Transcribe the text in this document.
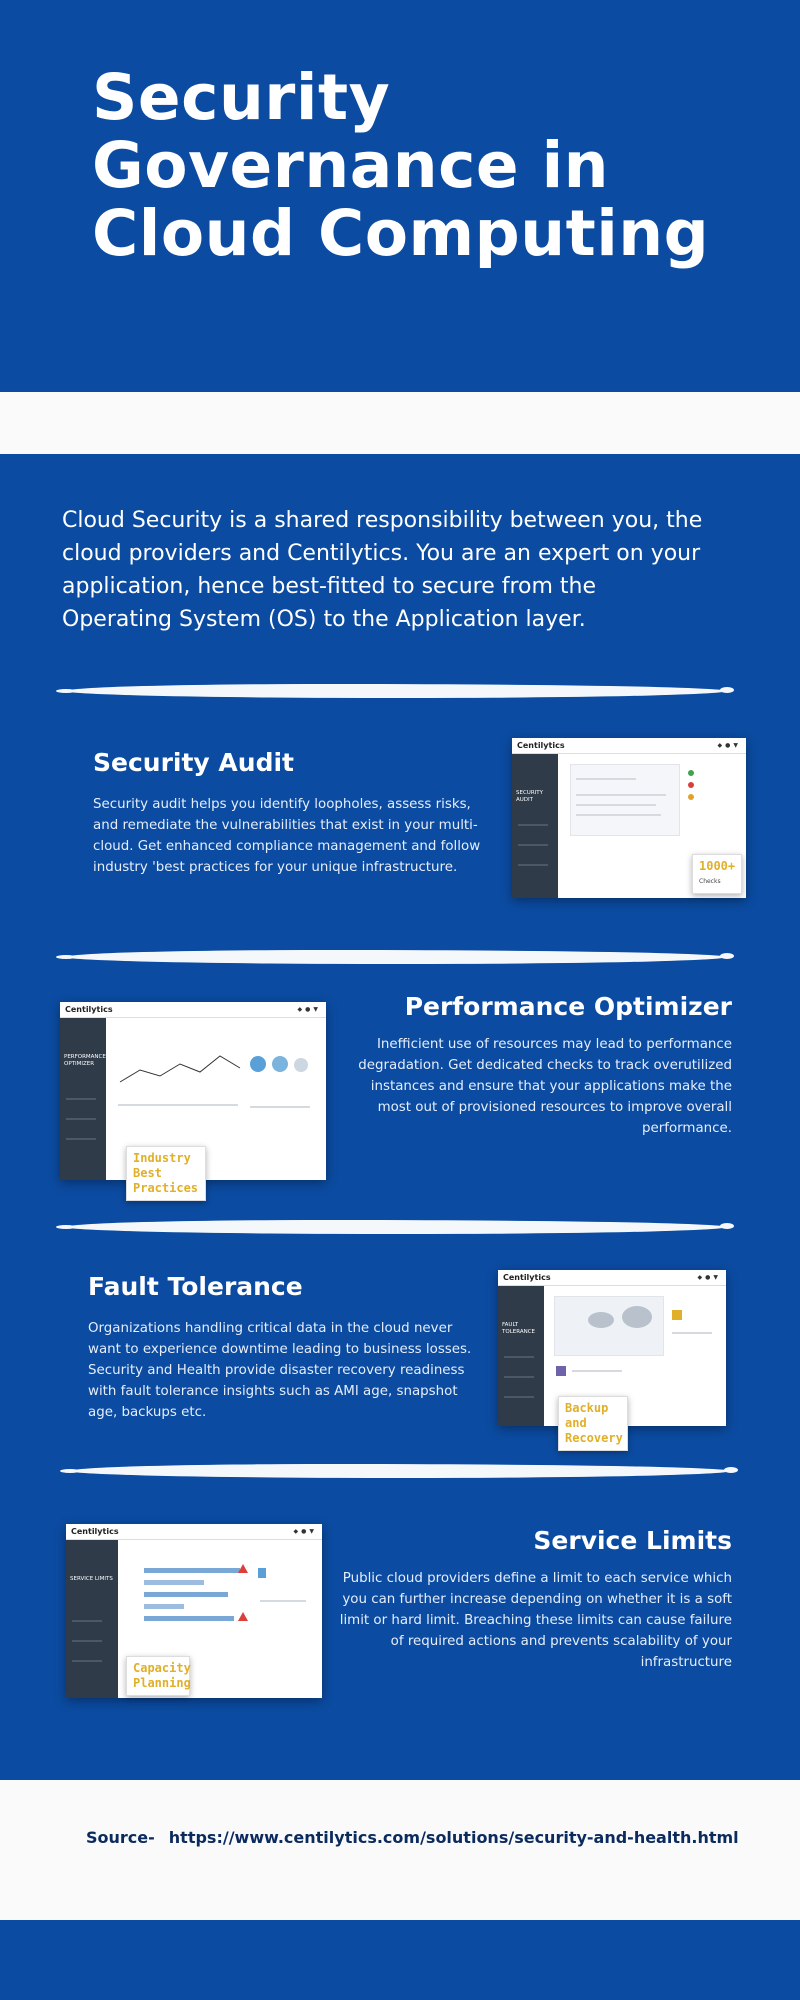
Security Governance in Cloud Computing

Cloud Security is a shared responsibility between you, the cloud providers and Centilytics. You are an expert on your application, hence best-fitted to secure from the Operating System (OS) to the Application layer.

Security Audit

Security audit helps you identify loopholes, assess risks, and remediate the vulnerabilities that exist in your multi-cloud. Get enhanced compliance management and follow industry 'best practices for your unique infrastructure.

Centilytics	◆●▼
SECURITY AUDIT
1000+
Checks
Performance Optimizer

Inefficient use of resources may lead to performance degradation. Get dedicated checks to track overutilized instances and ensure that your applications make the most out of provisioned resources to improve overall performance.

Centilytics	◆●▼
PERFORMANCE OPTIMIZER
Industry Best Practices
Fault Tolerance

Organizations handling critical data in the cloud never want to experience downtime leading to business losses. Security and Health provide disaster recovery readiness with fault tolerance insights such as AMI age, snapshot age, backups etc.

Centilytics	◆●▼
FAULT TOLERANCE
Backup and Recovery
Service Limits

Public cloud providers define a limit to each service which you can further increase depending on whether it is a soft limit or hard limit. Breaching these limits can cause failure of required actions and prevents scalability of your infrastructure

Centilytics	◆●▼
SERVICE LIMITS
Capacity Planning
Source- https://www.centilytics.com/solutions/security-and-health.html
